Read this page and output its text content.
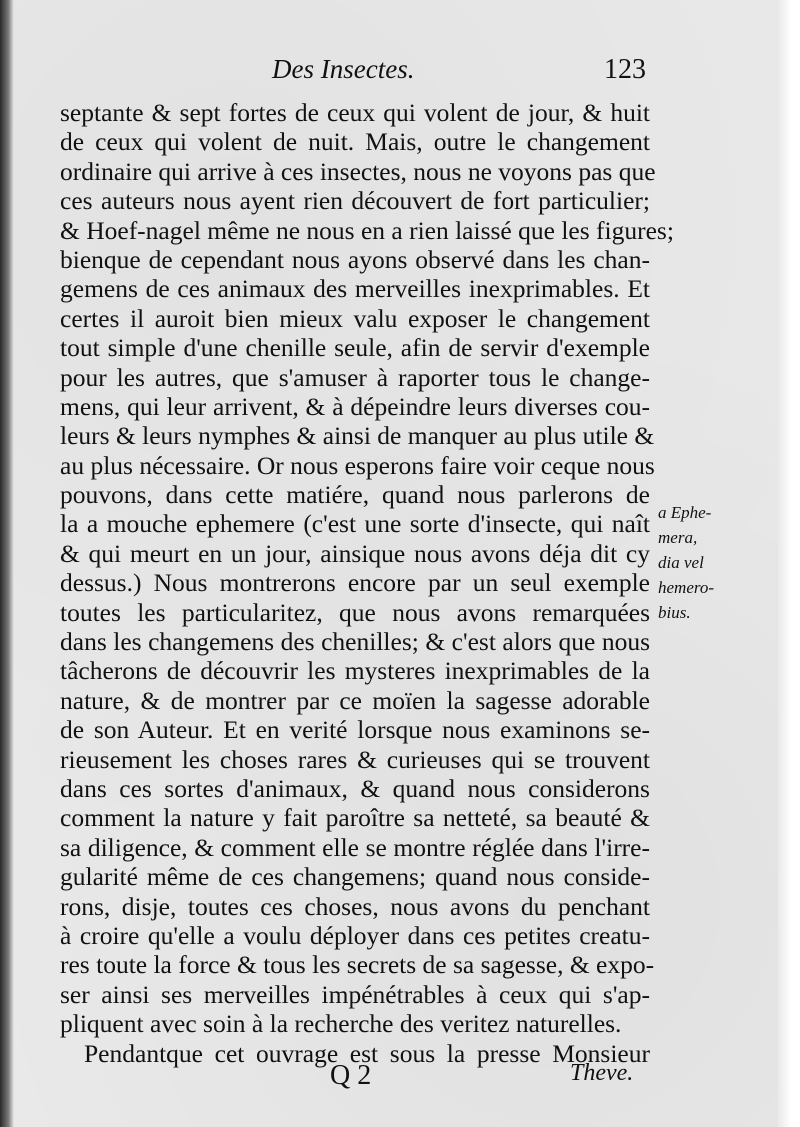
Des Insectes.	123
septante & sept fortes de ceux qui volent de jour, & huit
de ceux qui volent de nuit. Mais, outre le changement
ordinaire qui arrive à ces insectes, nous ne voyons pas que
ces auteurs nous ayent rien découvert de fort particulier;
& Hoef-nagel même ne nous en a rien laissé que les figures;
bienque de cependant nous ayons observé dans les chan-
gemens de ces animaux des merveilles inexprimables. Et
certes il auroit bien mieux valu exposer le changement
tout simple d'une chenille seule, afin de servir d'exemple
pour les autres, que s'amuser à raporter tous le change-
mens, qui leur arrivent, & à dépeindre leurs diverses cou-
leurs & leurs nymphes & ainsi de manquer au plus utile &
au plus nécessaire. Or nous esperons faire voir ceque nous
pouvons, dans cette matiére, quand nous parlerons de
la a mouche ephemere (c'est une sorte d'insecte, qui naît
& qui meurt en un jour, ainsique nous avons déja dit cy
dessus.) Nous montrerons encore par un seul exemple
toutes les particularitez, que nous avons remarquées
dans les changemens des chenilles; & c'est alors que nous
tâcherons de découvrir les mysteres inexprimables de la
nature, & de montrer par ce moïen la sagesse adorable
de son Auteur. Et en verité lorsque nous examinons se-
rieusement les choses rares & curieuses qui se trouvent
dans ces sortes d'animaux, & quand nous considerons
comment la nature y fait paroître sa netteté, sa beauté &
sa diligence, & comment elle se montre réglée dans l'irre-
gularité même de ces changemens; quand nous conside-
rons, disje, toutes ces choses, nous avons du penchant
à croire qu'elle a voulu déployer dans ces petites creatu-
res toute la force & tous les secrets de sa sagesse, & expo-
ser ainsi ses merveilles impénétrables à ceux qui s'ap-
pliquent avec soin à la recherche des veritez naturelles.
Pendantque cet ouvrage est sous la presse Monsieur
a Ephe-
mera,
dia vel
hemero-
bius.
Q 2	Theve.
